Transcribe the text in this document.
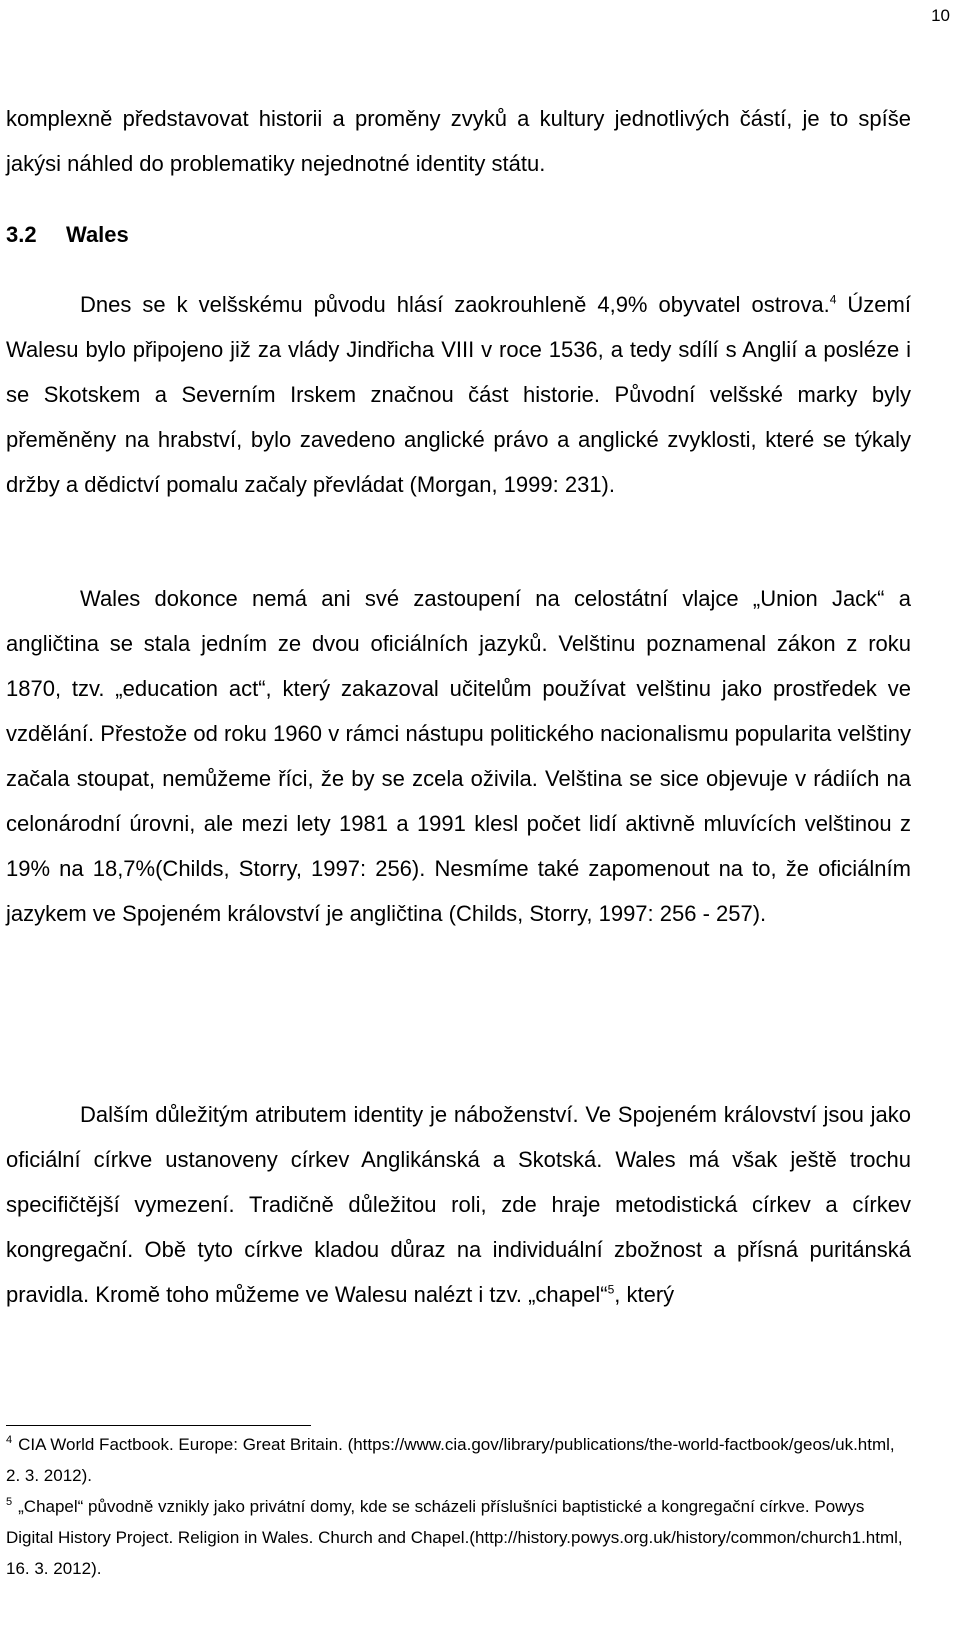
10

komplexně představovat historii a proměny zvyků a kultury jednotlivých částí, je to spíše jakýsi náhled do problematiky nejednotné identity státu.

3.2 Wales

Dnes se k velšskému původu hlásí zaokrouhleně 4,9% obyvatel ostrova.$^4$ Území Walesu bylo připojeno již za vlády Jindřicha VIII v roce 1536, a tedy sdílí s Anglií a posléze i se Skotskem a Severním Irskem značnou část historie. Původní velšské marky byly přeměněny na hrabství, bylo zavedeno anglické právo a anglické zvyklosti, které se týkaly držby a dědictví pomalu začaly převládat (Morgan, 1999: 231).

Wales dokonce nemá ani své zastoupení na celostátní vlajce „Union Jack“ a angličtina se stala jedním ze dvou oficiálních jazyků. Velštinu poznamenal zákon z roku 1870, tzv. „education act“, který zakazoval učitelům používat velštinu jako prostředek ve vzdělání. Přestože od roku 1960 v rámci nástupu politického nacionalismu popularita velštiny začala stoupat, nemůžeme říci, že by se zcela oživila. Velština se sice objevuje v rádiích na celonárodní úrovni, ale mezi lety 1981 a 1991 klesl počet lidí aktivně mluvících velštinou z 19% na 18,7%(Childs, Storry, 1997: 256). Nesmíme také zapomenout na to, že oficiálním jazykem ve Spojeném království je angličtina (Childs, Storry, 1997: 256 - 257).

Dalším důležitým atributem identity je náboženství. Ve Spojeném království jsou jako oficiální církve ustanoveny církev Anglikánská a Skotská. Wales má však ještě trochu specifičtější vymezení. Tradičně důležitou roli, zde hraje metodistická církev a církev kongregační. Obě tyto církve kladou důraz na individuální zbožnost a přísná puritánská pravidla. Kromě toho můžeme ve Walesu nalézt i tzv. „chapel“$^5$, který

$^4$ CIA World Factbook. Europe: Great Britain. (https://www.cia.gov/library/publications/the-world-factbook/geos/uk.html, 2. 3. 2012).

$^5$ „Chapel“ původně vznikly jako privátní domy, kde se scházeli příslušníci baptistické a kongregační církve. Powys Digital History Project. Religion in Wales. Church and Chapel.(http://history.powys.org.uk/history/common/church1.html, 16. 3. 2012).
